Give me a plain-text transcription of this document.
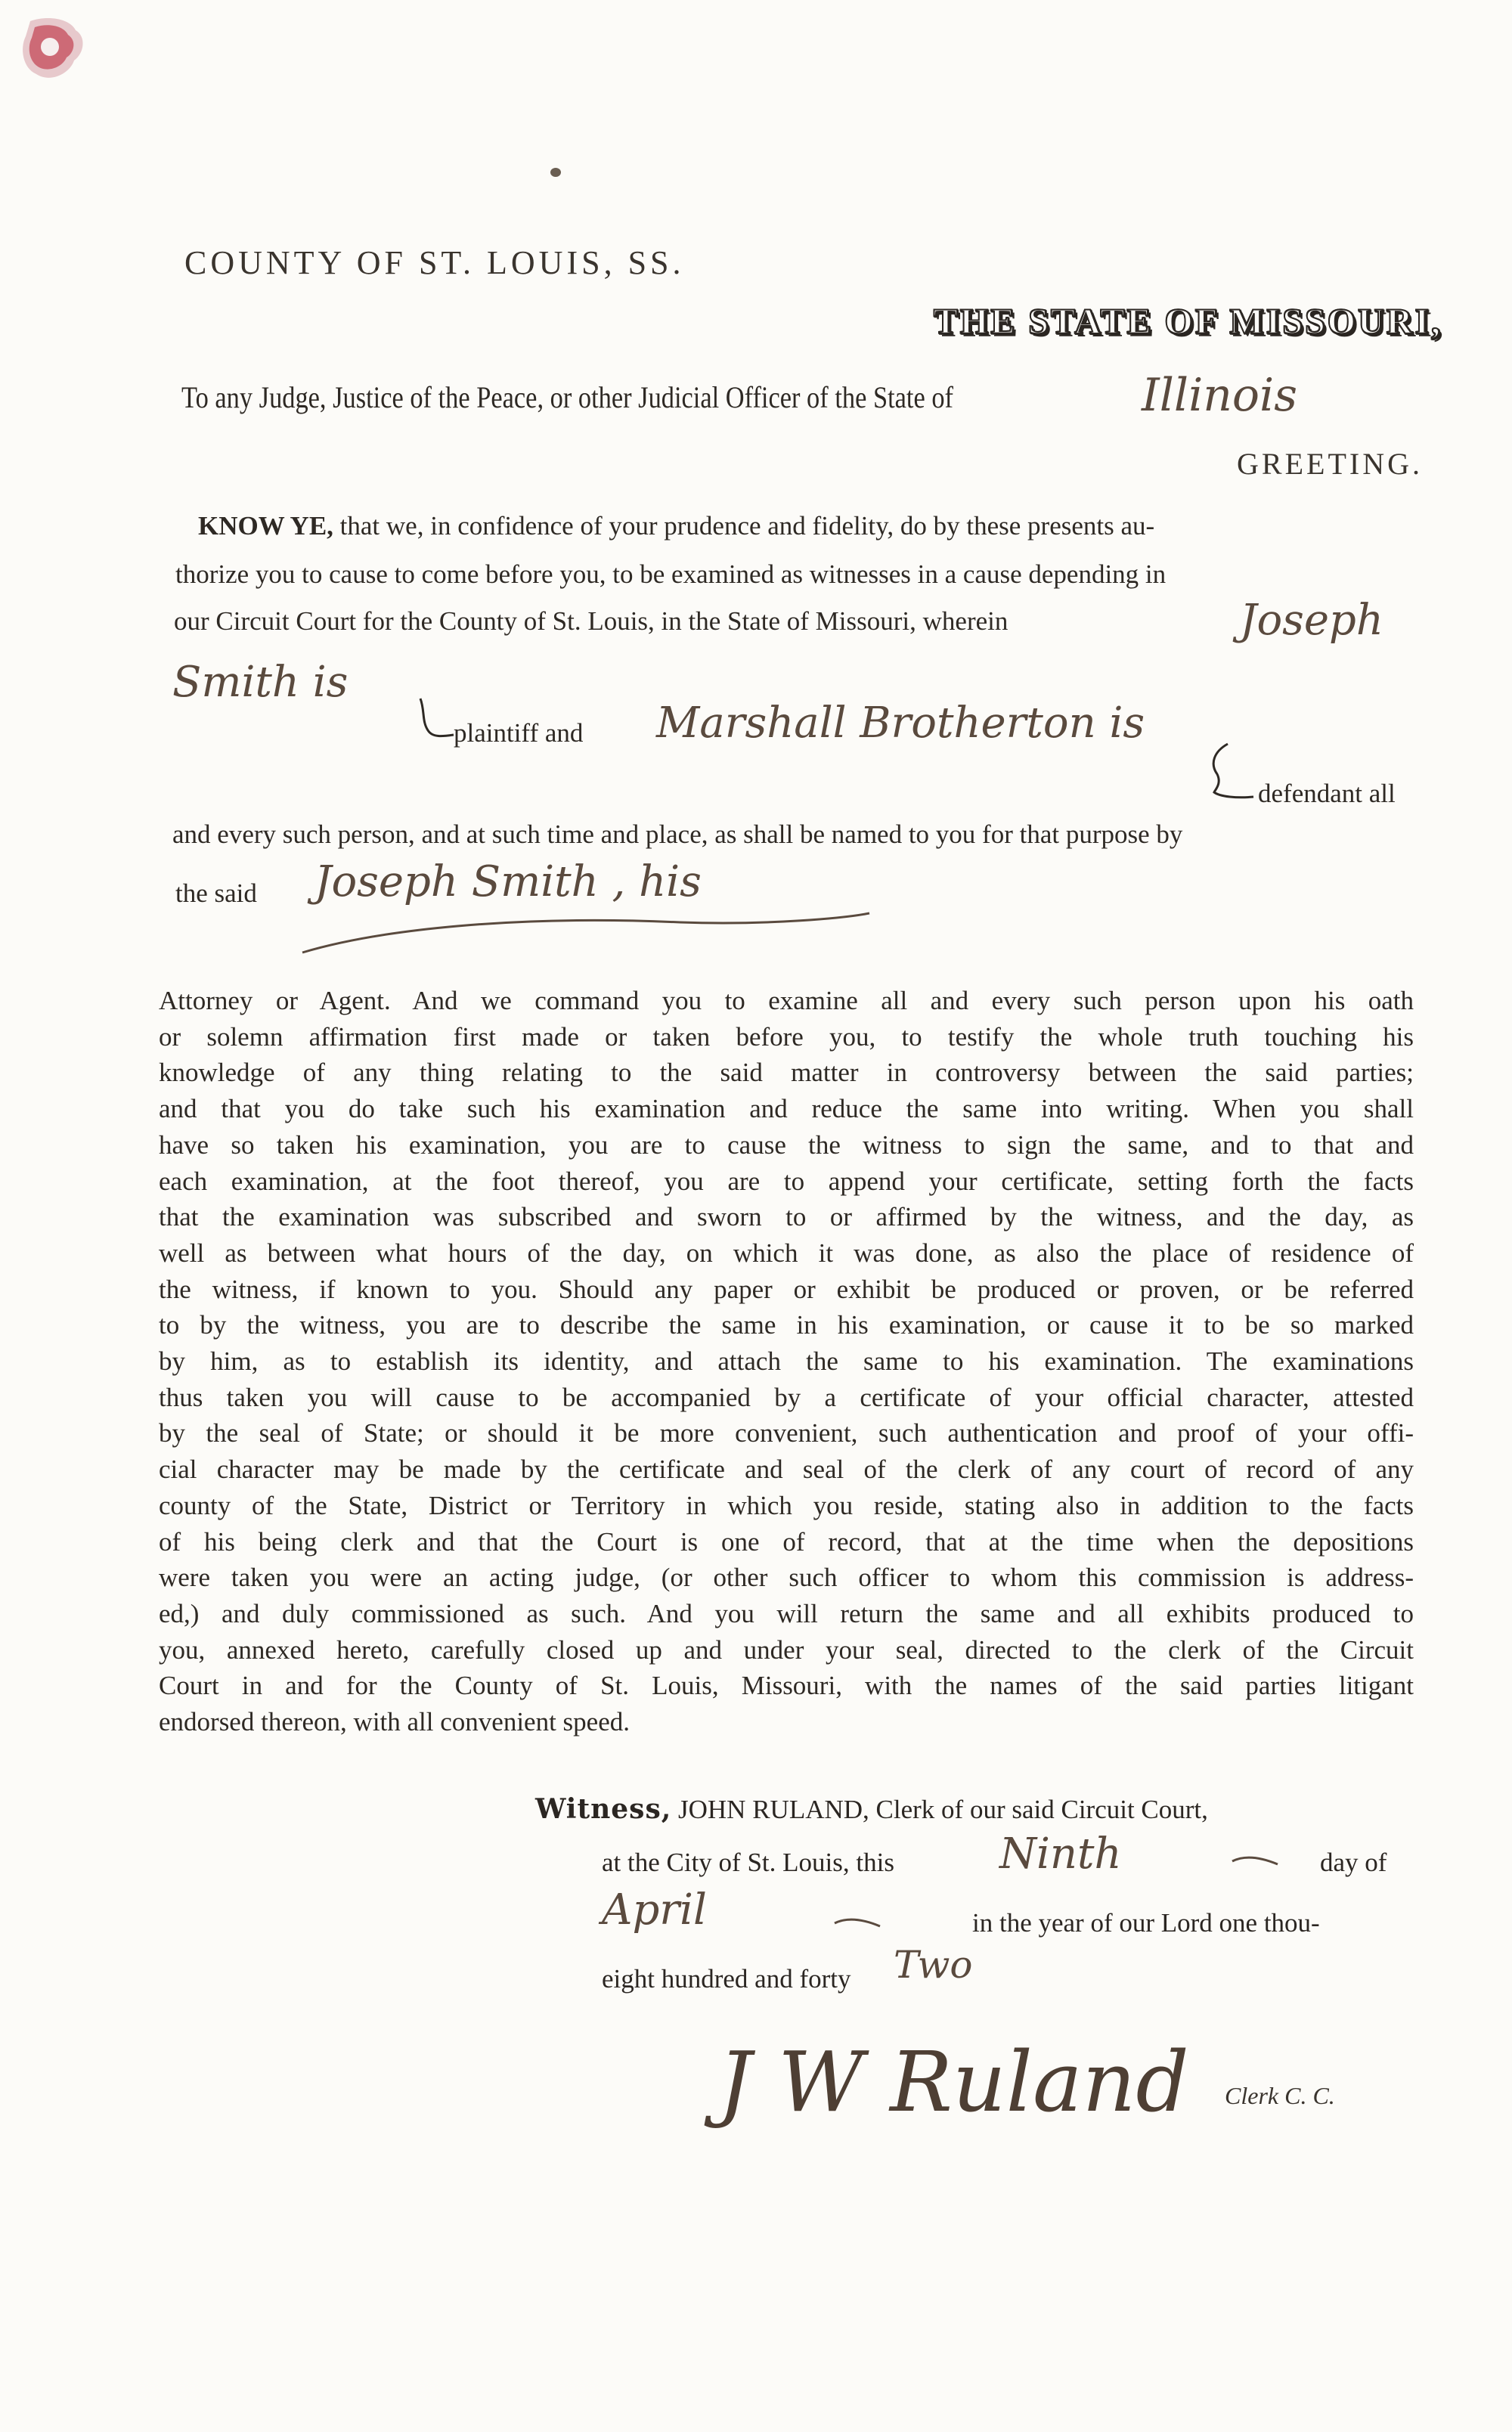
COUNTY OF ST. LOUIS, SS.
THE STATE OF MISSOURI,
To any Judge, Justice of the Peace, or other Judicial Officer of the State of	Illinois
GREETING.
KNOW YE, that we, in confidence of your prudence and fidelity, do by these presents au-
thorize you to cause to come before you, to be examined as witnesses in a cause depending in
our Circuit Court for the County of St. Louis, in the State of Missouri, wherein	Joseph
Smith is
plaintiff and Marshall Brotherton is
defendant all
and every such person, and at such time and place, as shall be named to you for that purpose by
the said Joseph Smith , his
Attorney or Agent. And we command you to examine all and every such person upon his oath
or solemn affirmation first made or taken before you, to testify the whole truth touching his
knowledge of any thing relating to the said matter in controversy between the said parties;
and that you do take such his examination and reduce the same into writing. When you shall
have so taken his examination, you are to cause the witness to sign the same, and to that and
each examination, at the foot thereof, you are to append your certificate, setting forth the facts
that the examination was subscribed and sworn to or affirmed by the witness, and the day, as
well as between what hours of the day, on which it was done, as also the place of residence of
the witness, if known to you. Should any paper or exhibit be produced or proven, or be referred
to by the witness, you are to describe the same in his examination, or cause it to be so marked
by him, as to establish its identity, and attach the same to his examination. The examinations
thus taken you will cause to be accompanied by a certificate of your official character, attested
by the seal of State; or should it be more convenient, such authentication and proof of your offi-
cial character may be made by the certificate and seal of the clerk of any court of record of any
county of the State, District or Territory in which you reside, stating also in addition to the facts
of his being clerk and that the Court is one of record, that at the time when the depositions
were taken you were an acting judge, (or other such officer to whom this commission is address-
ed,) and duly commissioned as such. And you will return the same and all exhibits produced to
you, annexed hereto, carefully closed up and under your seal, directed to the clerk of the Circuit
Court in and for the County of St. Louis, Missouri, with the names of the said parties litigant
endorsed thereon, with all convenient speed.
Witness, JOHN RULAND, Clerk of our said Circuit Court,
at the City of St. Louis, this Ninth	day of
April	in the year of our Lord one thou-
eight hundred and forty Two
J W Ruland Clerk C. C.
